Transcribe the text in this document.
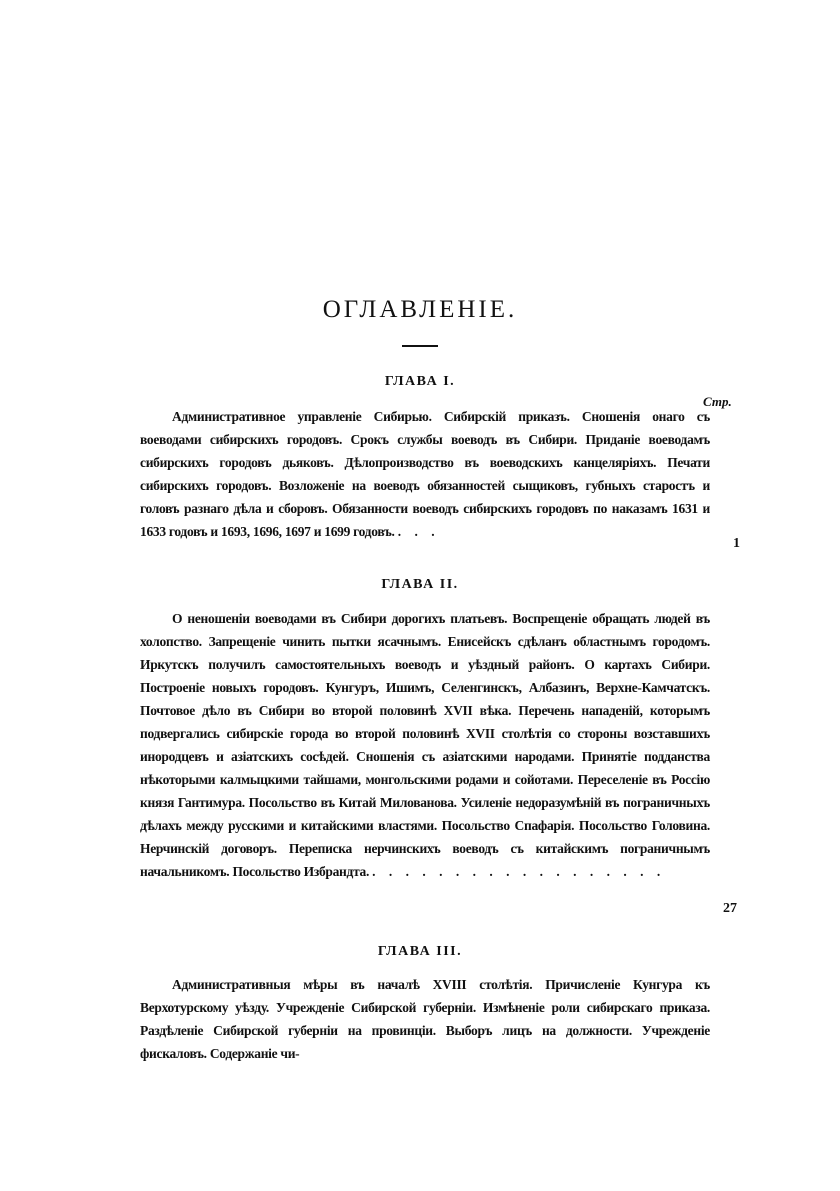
ОГЛАВЛЕНІЕ.
ГЛАВА I.
Стр.

Административное управленіе Сибирью. Сибирскій приказъ. Сношенія онаго съ воеводами сибирскихъ городовъ. Срокъ службы воеводъ въ Сибири. Приданіе воеводамъ сибирскихъ городовъ дьяковъ. Дѣлопроизводство въ воеводскихъ канцеляріяхъ. Печати сибирскихъ городовъ. Возложеніе на воеводъ обязанностей сыщиковъ, губныхъ старостъ и головъ разнаго дѣла и сборовъ. Обязанности воеводъ сибирскихъ городовъ по наказамъ 1631 и 1633 годовъ и 1693, 1696, 1697 и 1699 годовъ. . . .

1
ГЛАВА II.

О неношеніи воеводами въ Сибири дорогихъ платьевъ. Воспрещеніе обращать людей въ холопство. Запрещеніе чинить пытки ясачнымъ. Енисейскъ сдѣланъ областнымъ городомъ. Иркутскъ получилъ самостоятельныхъ воеводъ и уѣздный районъ. О картахъ Сибири. Построеніе новыхъ городовъ. Кунгуръ, Ишимъ, Селенгинскъ, Албазинъ, Верхне-Камчатскъ. Почтовое дѣло въ Сибири во второй половинѣ XVII вѣка. Перечень нападеній, которымъ подвергались сибирскіе города во второй половинѣ XVII столѣтія со стороны возставшихъ инородцевъ и азіатскихъ сосѣдей. Сношенія съ азіатскими народами. Принятіе подданства нѣкоторыми калмыцкими тайшами, монгольскими родами и сойотами. Переселеніе въ Россію князя Гантимура. Посольство въ Китай Милованова. Усиленіе недоразумѣній въ пограничныхъ дѣлахъ между русскими и китайскими властями. Посольство Спафарія. Посольство Головина. Нерчинскій договоръ. Переписка нерчинскихъ воеводъ съ китайскимъ пограничнымъ начальникомъ. Посольство Избрандта. . . . . . . . . . . . . . . . . . .

27
ГЛАВА III.

Административныя мѣры въ началѣ XVIII столѣтія. Причисленіе Кунгура къ Верхотурскому уѣзду. Учрежденіе Сибирской губерніи. Измѣненіе роли сибирскаго приказа. Раздѣленіе Сибирской губерніи на провинціи. Выборъ лицъ на должности. Учрежденіе фискаловъ. Содержаніе чи-
